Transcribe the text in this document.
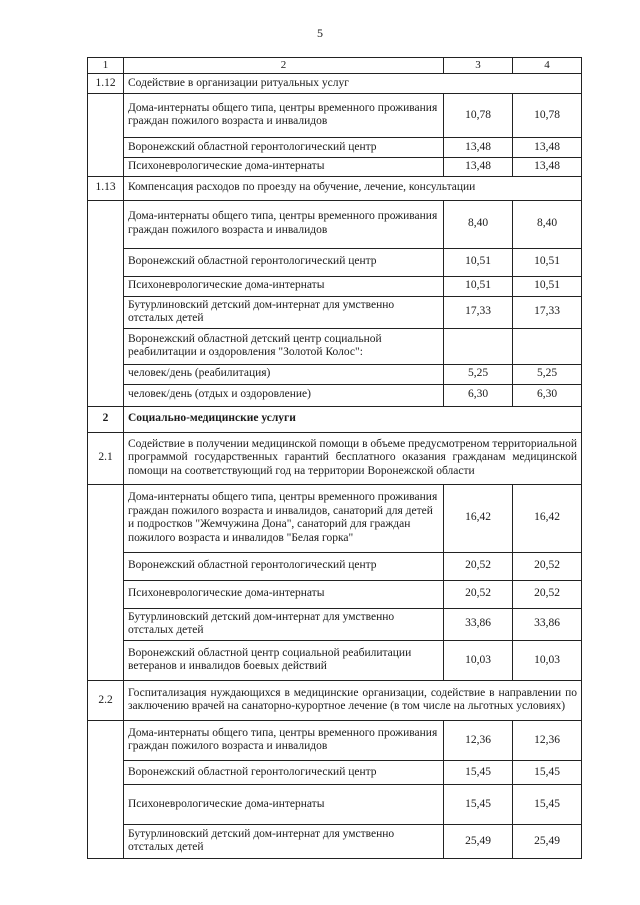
5
1	2	3	4
1.12	Содействие в организации ритуальных услуг		
	Дома-интернаты общего типа, центры временного проживания граждан пожилого возраста и инвалидов	10,78	10,78
	Воронежский областной геронтологический центр	13,48	13,48
	Психоневрологические дома-интернаты	13,48	13,48
1.13	Компенсация расходов по проезду на обучение, лечение, консультации		
	Дома-интернаты общего типа, центры временного проживания граждан пожилого возраста и инвалидов	8,40	8,40
	Воронежский областной геронтологический центр	10,51	10,51
	Психоневрологические дома-интернаты	10,51	10,51
	Бутурлиновский детский дом-интернат для умственно отсталых детей	17,33	17,33
	Воронежский областной детский центр социальной реабилитации и оздоровления "Золотой Колос":		
	человек/день (реабилитация)	5,25	5,25
	человек/день (отдых и оздоровление)	6,30	6,30
2	Социально-медицинские услуги		
2.1	Содействие в получении медицинской помощи в объеме предусмотреном территориальной программой государственных гарантий бесплатного оказания гражданам медицинской помощи на соответствующий год на территории Воронежской области		
	Дома-интернаты общего типа, центры временного проживания граждан пожилого возраста и инвалидов, санаторий для детей и подростков "Жемчужина Дона", санаторий для граждан пожилого возраста и инвалидов "Белая горка"	16,42	16,42
	Воронежский областной геронтологический центр	20,52	20,52
	Психоневрологические дома-интернаты	20,52	20,52
	Бутурлиновский детский дом-интернат для умственно отсталых детей	33,86	33,86
	Воронежский областной центр социальной реабилитации ветеранов и инвалидов боевых действий	10,03	10,03
2.2	Госпитализация нуждающихся в медицинские организации, содействие в направлении по заключению врачей на санаторно-курортное лечение (в том числе на льготных условиях)		
	Дома-интернаты общего типа, центры временного проживания граждан пожилого возраста и инвалидов	12,36	12,36
	Воронежский областной геронтологический центр	15,45	15,45
	Психоневрологические дома-интернаты	15,45	15,45
	Бутурлиновский детский дом-интернат для умственно отсталых детей	25,49	25,49
